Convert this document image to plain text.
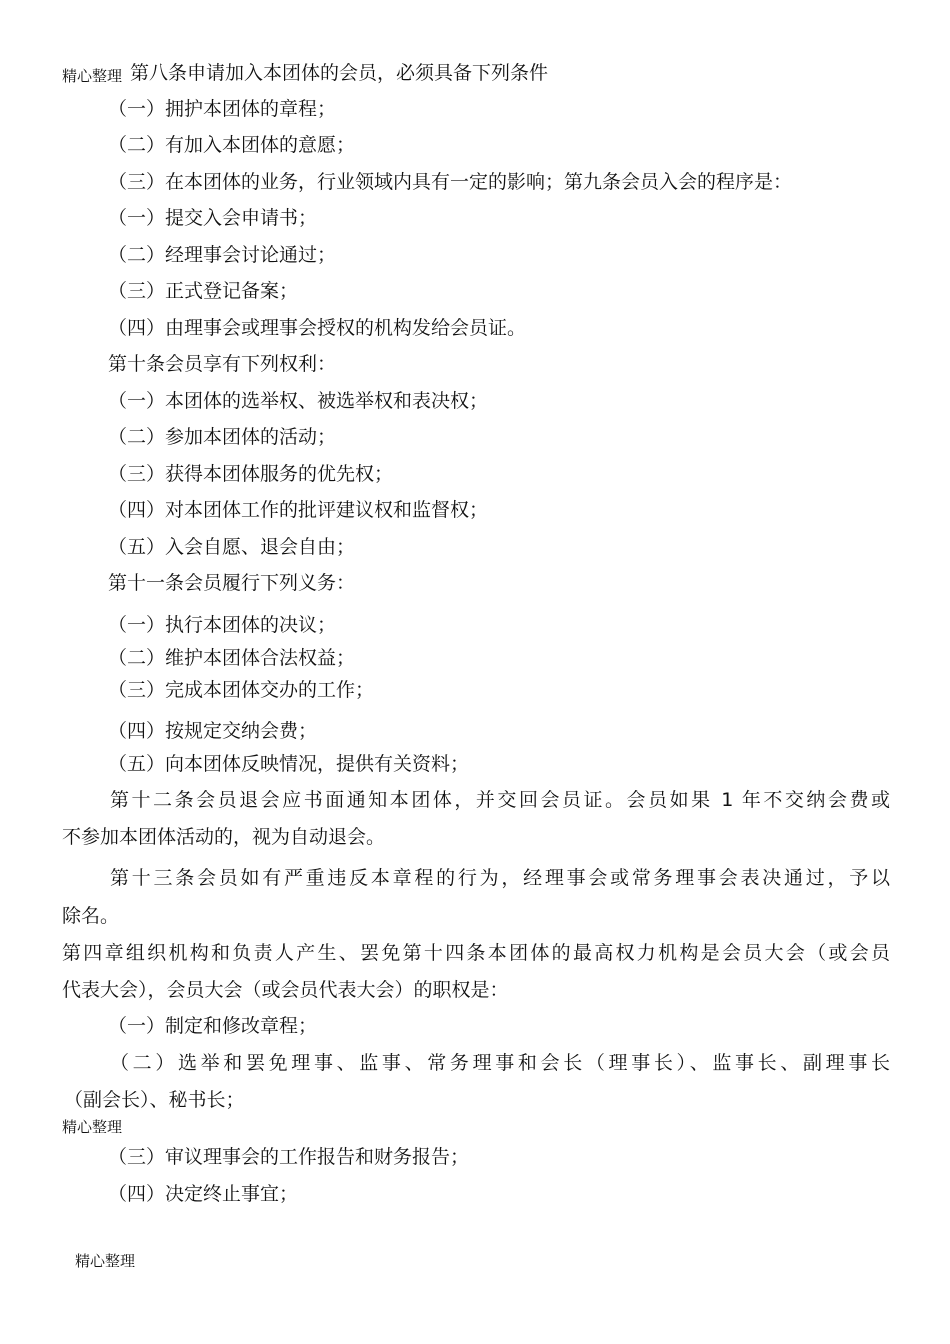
精心整理 第八条申请加入本团体的会员，必须具备下列条件
（一）拥护本团体的章程；
（二）有加入本团体的意愿；
（三）在本团体的业务，行业领域内具有一定的影响；第九条会员入会的程序是：
（一）提交入会申请书；
（二）经理事会讨论通过；
（三）正式登记备案；
（四）由理事会或理事会授权的机构发给会员证。
第十条会员享有下列权利：
（一）本团体的选举权、被选举权和表决权；
（二）参加本团体的活动；
（三）获得本团体服务的优先权；
（四）对本团体工作的批评建议权和监督权；
（五）入会自愿、退会自由；
第十一条会员履行下列义务：
（一）执行本团体的决议；
（二）维护本团体合法权益；
（三）完成本团体交办的工作；
（四）按规定交纳会费；
（五）向本团体反映情况，提供有关资料；
第十二条会员退会应书面通知本团体，并交回会员证。会员如果 1 年不交纳会费或
不参加本团体活动的，视为自动退会。
第十三条会员如有严重违反本章程的行为，经理事会或常务理事会表决通过，予以
除名。
第四章组织机构和负责人产生、罢免第十四条本团体的最高权力机构是会员大会（或会员
代表大会），会员大会（或会员代表大会）的职权是：
（一）制定和修改章程；
（二）选举和罢免理事、监事、常务理事和会长（理事长）、监事长、副理事长
（副会长）、秘书长；
精心整理
（三）审议理事会的工作报告和财务报告；
（四）决定终止事宜；
精心整理
